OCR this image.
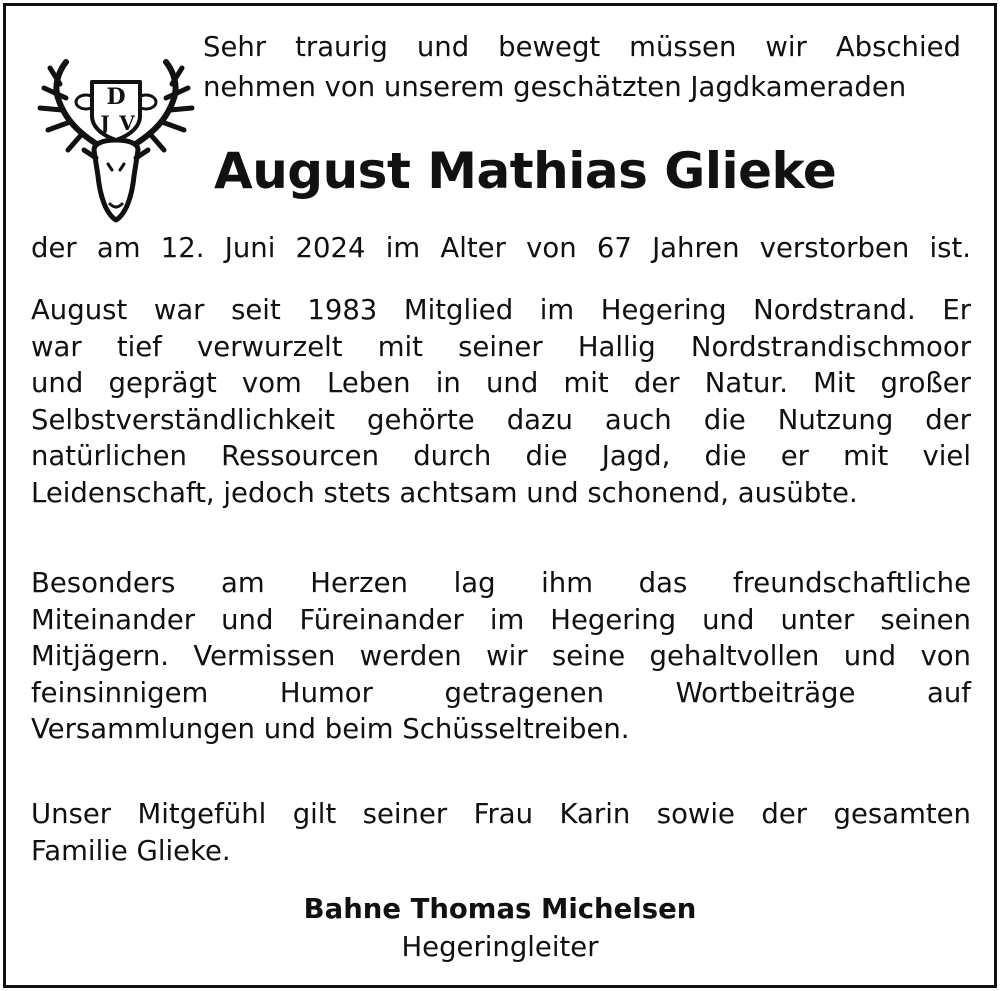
D
J V
Sehr traurig und bewegt müssen wir Abschied
nehmen von unserem geschätzten Jagdkameraden
August Mathias Glieke
der am 12. Juni 2024 im Alter von 67 Jahren verstorben ist.
August war seit 1983 Mitglied im Hegering Nordstrand. Er
war tief verwurzelt mit seiner Hallig Nordstrandischmoor
und geprägt vom Leben in und mit der Natur. Mit großer
Selbstverständlichkeit gehörte dazu auch die Nutzung der
natürlichen Ressourcen durch die Jagd, die er mit viel
Leidenschaft, jedoch stets achtsam und schonend, ausübte.
Besonders am Herzen lag ihm das freundschaftliche
Miteinander und Füreinander im Hegering und unter seinen
Mitjägern. Vermissen werden wir seine gehaltvollen und von
feinsinnigem Humor getragenen Wortbeiträge auf
Versammlungen und beim Schüsseltreiben.
Unser Mitgefühl gilt seiner Frau Karin sowie der gesamten
Familie Glieke.
Bahne Thomas Michelsen
Hegeringleiter
